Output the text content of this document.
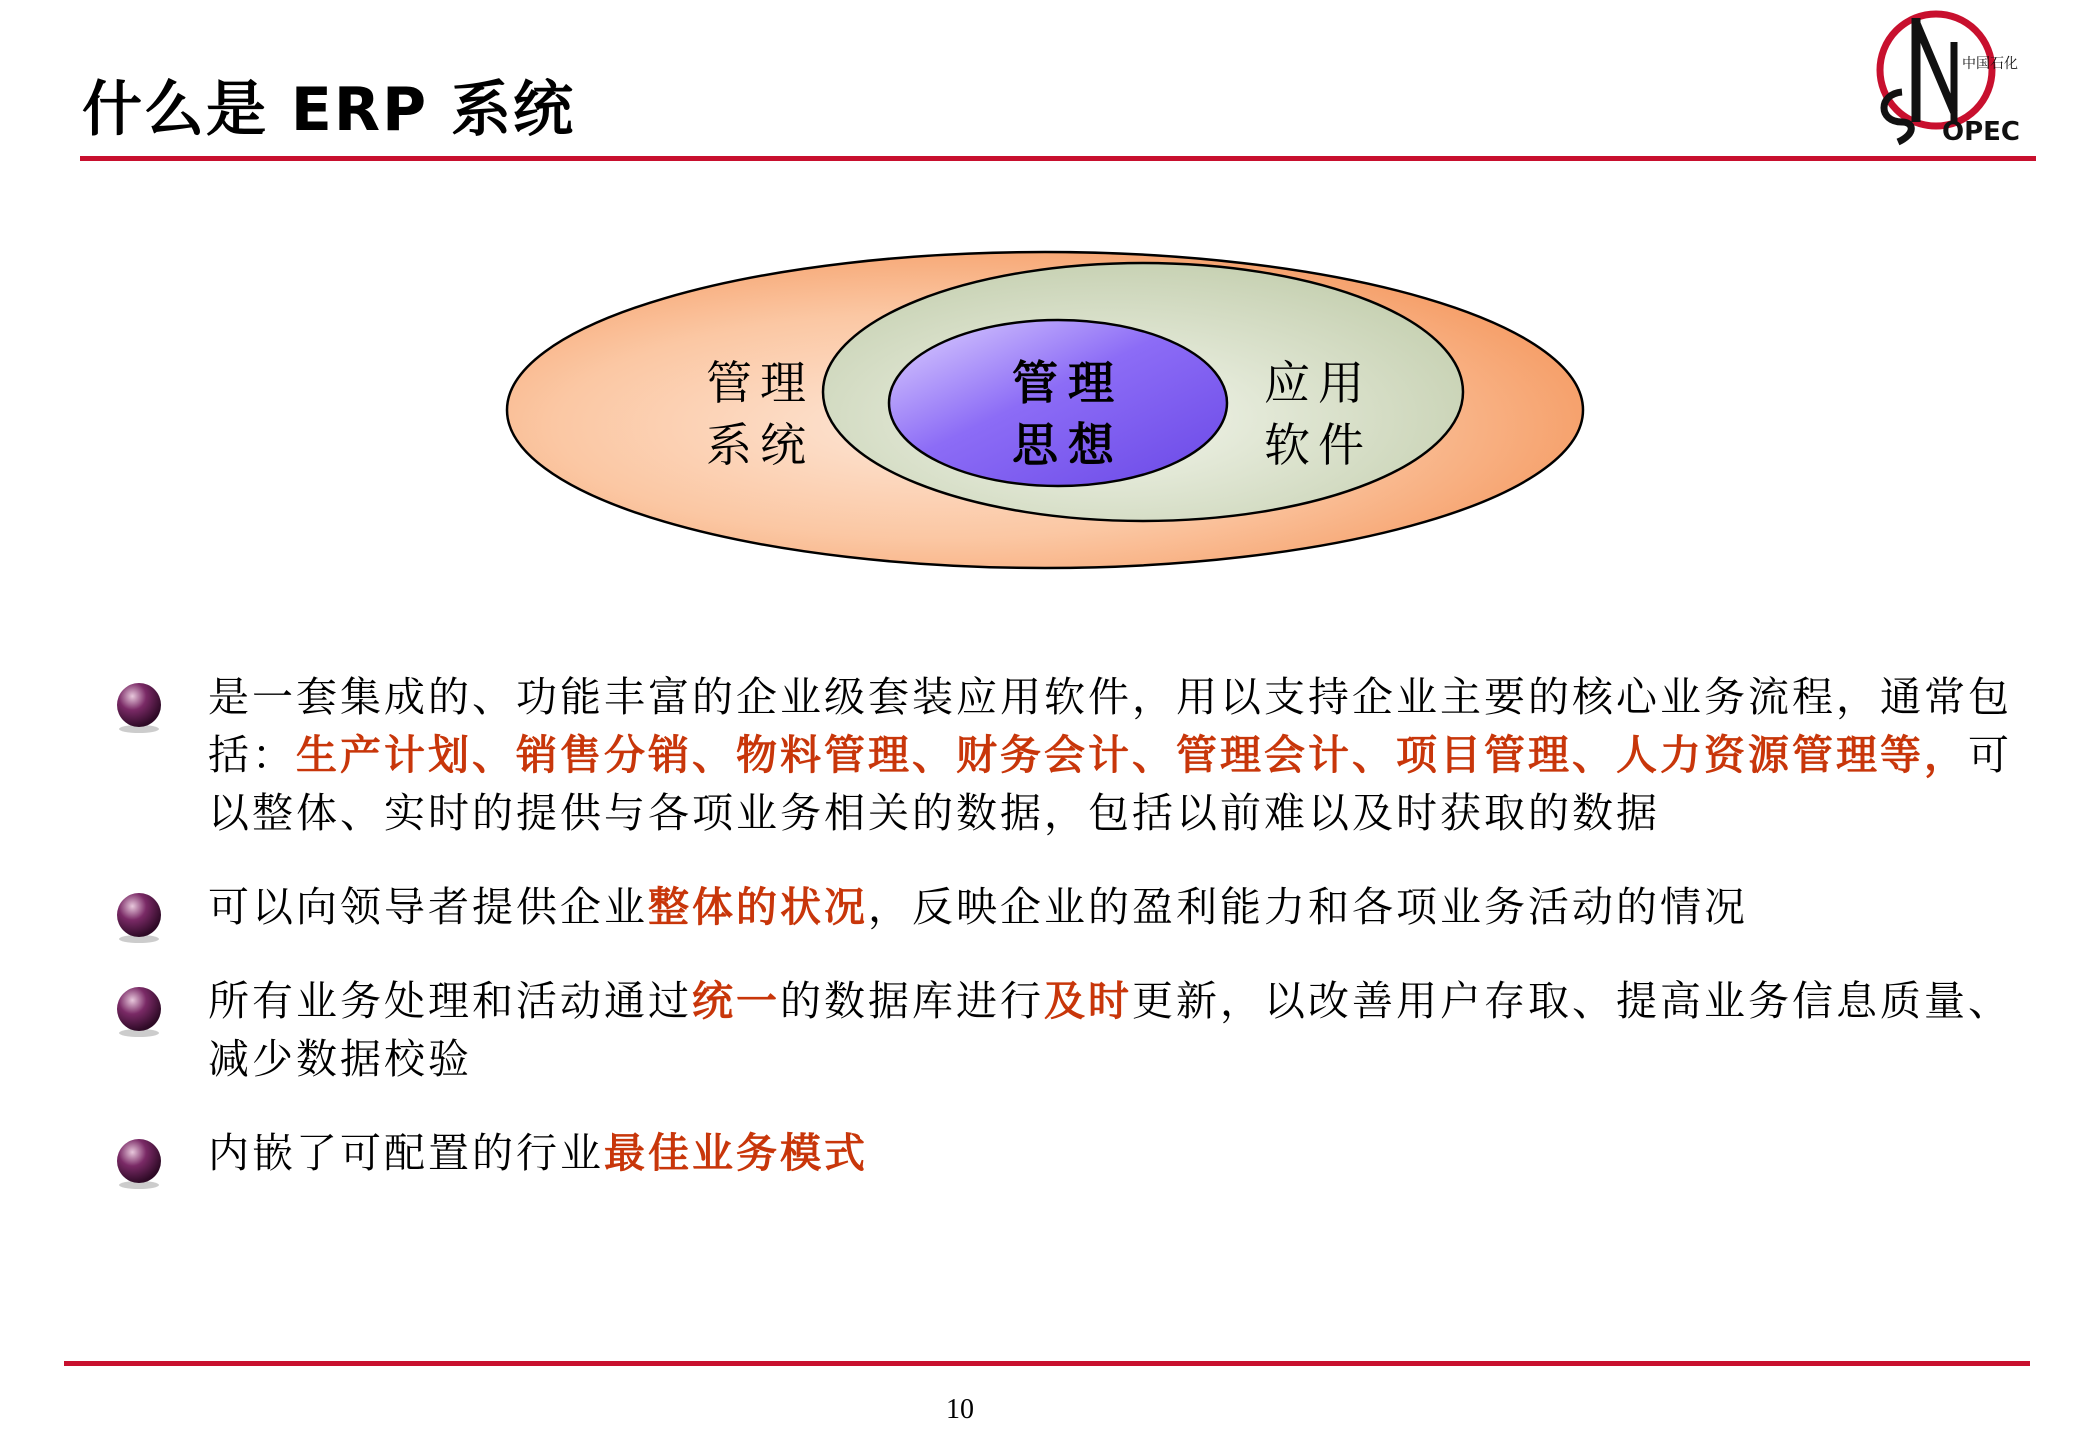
什么是 ERP 系统
中国石化
OPEC
管理
系统
管理
思想
应用
软件

是一套集成的、功能丰富的企业级套装应用软件，用以支持企业主要的核心业务流程，通常包括：生产计划、销售分销、物料管理、财务会计、管理会计、项目管理、人力资源管理等，可以整体、实时的提供与各项业务相关的数据，包括以前难以及时获取的数据

可以向领导者提供企业整体的状况，反映企业的盈利能力和各项业务活动的情况

所有业务处理和活动通过统一的数据库进行及时更新，以改善用户存取、提高业务信息质量、减少数据校验

内嵌了可配置的行业最佳业务模式

10
